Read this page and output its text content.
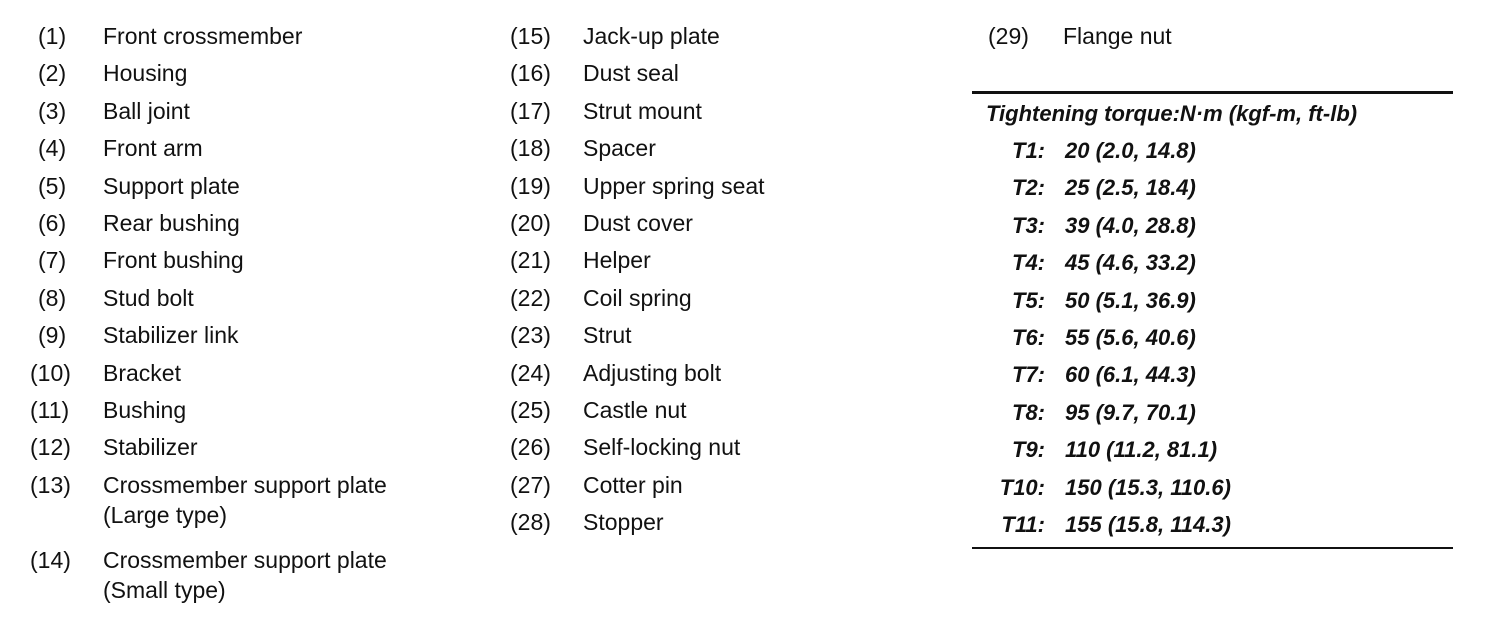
(1)	Front crossmember
(2)	Housing
(3)	Ball joint
(4)	Front arm
(5)	Support plate
(6)	Rear bushing
(7)	Front bushing
(8)	Stud bolt
(9)	Stabilizer link
(10)	Bracket
(11)	Bushing
(12)	Stabilizer
(13)	Crossmember support plate
(Large type)
(14)	Crossmember support plate
(Small type)
(15)	Jack-up plate
(16)	Dust seal
(17)	Strut mount
(18)	Spacer
(19)	Upper spring seat
(20)	Dust cover
(21)	Helper
(22)	Coil spring
(23)	Strut
(24)	Adjusting bolt
(25)	Castle nut
(26)	Self-locking nut
(27)	Cotter pin
(28)	Stopper
(29)	Flange nut
Tightening torque:N·m (kgf-m, ft-lb)
T1: 20 (2.0, 14.8)
T2: 25 (2.5, 18.4)
T3: 39 (4.0, 28.8)
T4: 45 (4.6, 33.2)
T5: 50 (5.1, 36.9)
T6: 55 (5.6, 40.6)
T7: 60 (6.1, 44.3)
T8: 95 (9.7, 70.1)
T9: 110 (11.2, 81.1)
T10: 150 (15.3, 110.6)
T11: 155 (15.8, 114.3)
